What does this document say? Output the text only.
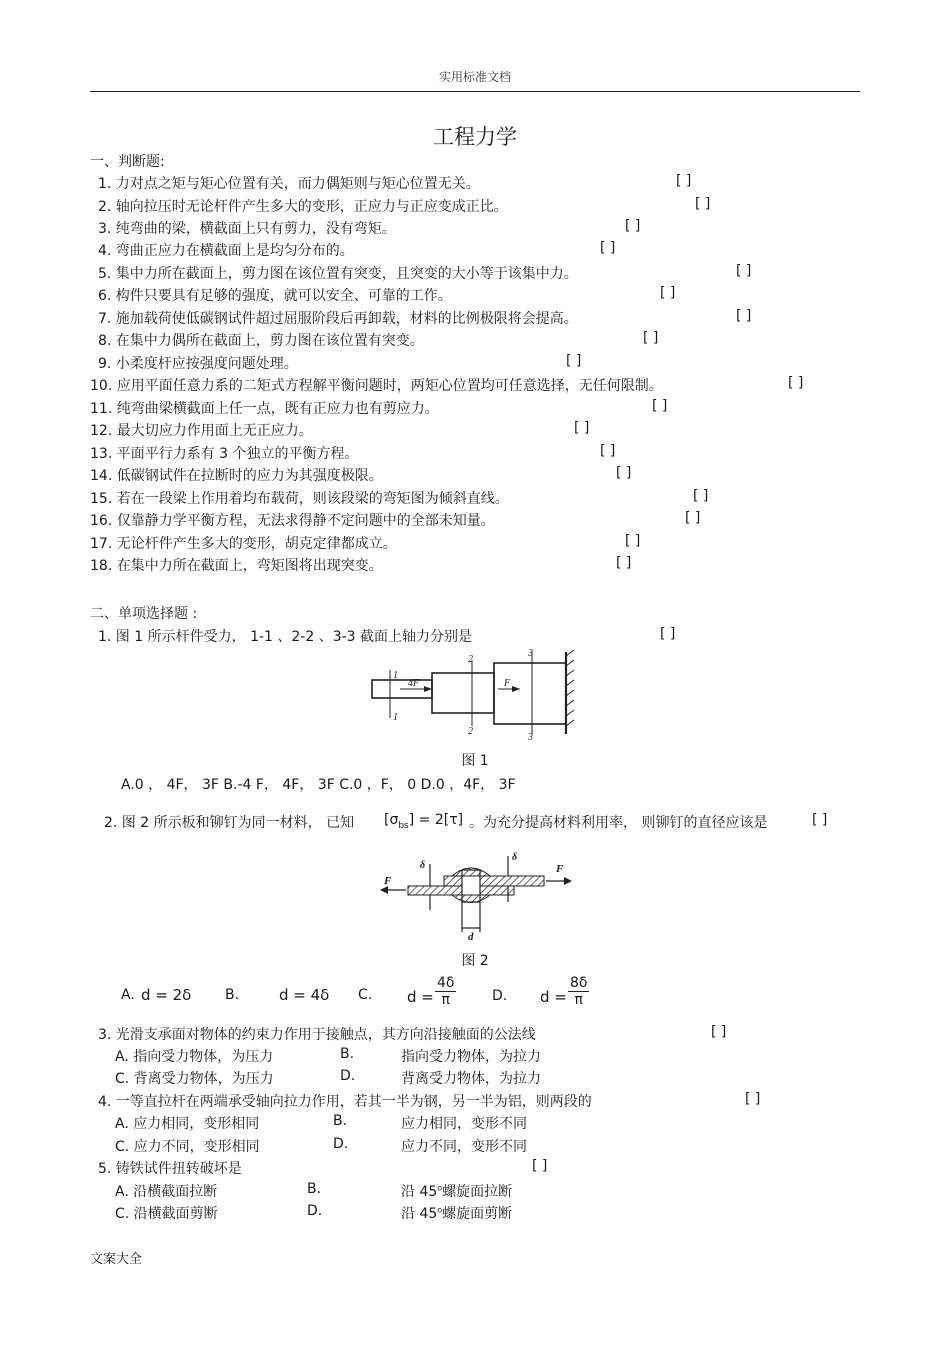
实用标准文档
工程力学
一、判断题:
1. 力对点之矩与矩心位置有关，而力偶矩则与矩心位置无关。	[ ]
2. 轴向拉压时无论杆件产生多大的变形，正应力与正应变成正比。	[ ]
3. 纯弯曲的梁，横截面上只有剪力，没有弯矩。	[ ]
4. 弯曲正应力在横截面上是均匀分布的。	[ ]
5. 集中力所在截面上，剪力图在该位置有突变，且突变的大小等于该集中力。	[ ]
6. 构件只要具有足够的强度，就可以安全、可靠的工作。	[ ]
7. 施加载荷使低碳钢试件超过屈服阶段后再卸载，材料的比例极限将会提高。	[ ]
8. 在集中力偶所在截面上，剪力图在该位置有突变。	[ ]
9. 小柔度杆应按强度问题处理。	[ ]
10. 应用平面任意力系的二矩式方程解平衡问题时，两矩心位置均可任意选择，无任何限制。	[ ]
11. 纯弯曲梁横截面上任一点，既有正应力也有剪应力。	[ ]
12. 最大切应力作用面上无正应力。	[ ]
13. 平面平行力系有 3 个独立的平衡方程。	[ ]
14. 低碳钢试件在拉断时的应力为其强度极限。	[ ]
15. 若在一段梁上作用着均布载荷，则该段梁的弯矩图为倾斜直线。	[ ]
16. 仅靠静力学平衡方程，无法求得静不定问题中的全部未知量。	[ ]
17. 无论杆件产生多大的变形，胡克定律都成立。	[ ]
18. 在集中力所在截面上，弯矩图将出现突变。	[ ]
二、单项选择题 :
1. 图 1 所示杆件受力， 1-1 、2-2 、3-3 截面上轴力分别是	[ ]
1
1
2
2
3
3
4F	F
图 1
A.0 ， 4F， 3F B.-4 F， 4F， 3F C.0 ，F， 0 D.0 ，4F， 3F
2. 图 2 所示板和铆钉为同一材料， 已知 $[\sigma_{bs}] = 2[\tau]$ 。为充分提高材料利用率， 则铆钉的直径应该是	[ ]
F
F
d
δ
δ
图 2
A. d = 2δ B.	d = 4δ C. $d = \frac{4\delta}{\pi}$	D. $d = \frac{8\delta}{\pi}$
3. 光滑支承面对物体的约束力作用于接触点，其方向沿接触面的公法线	[ ]
A. 指向受力物体，为压力	B.	指向受力物体，为拉力
C. 背离受力物体，为压力	D.	背离受力物体，为拉力
4. 一等直拉杆在两端承受轴向拉力作用，若其一半为钢，另一半为铝，则两段的	[ ]
A. 应力相同，变形相同	B.	应力相同，变形不同
C. 应力不同，变形相同	D.	应力不同，变形不同
5. 铸铁试件扭转破坏是	[ ]
A. 沿横截面拉断	B.	沿 45$^o$螺旋面拉断
C. 沿横截面剪断	D.	沿 45$^o$螺旋面剪断
文案大全
